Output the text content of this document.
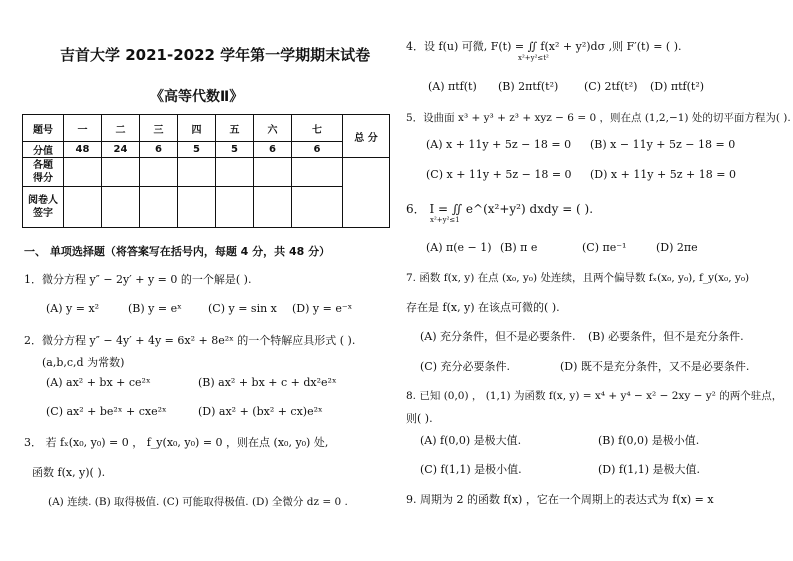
吉首大学 2021-2022 学年第一学期期末试卷
《高等代数Ⅱ》
题号	一	二	三	四	五	六	七	总 分
分值	48	24	6	5	5	6	6	
各题
得分								
阅卷人
签字								
一、 单项选择题（将答案写在括号内，每题 4 分，共 48 分）
1．微分方程 y″ − 2y′ + y = 0 的一个解是( ).
(A) y = x²	(B) y = eˣ (C) y = sin x (D) y = e⁻ˣ
2．微分方程 y″ − 4y′ + 4y = 6x² + 8e²ˣ 的一个特解应具形式 ( ).
(a,b,c,d 为常数)
(A) ax² + bx + ce²ˣ	(B) ax² + bx + c + dx²e²ˣ
(C) ax² + be²ˣ + cxe²ˣ	(D) ax² + (bx² + cx)e²ˣ
3． 若 fₓ(x₀, y₀) = 0 ， f_y(x₀, y₀) = 0 ，则在点 (x₀, y₀) 处,
函数 f(x, y)( ).
(A) 连续. (B) 取得极值. (C) 可能取得极值. (D) 全微分 dz = 0 .
4．设 f(u) 可微, F(t) = ∬ f(x² + y²)dσ ,则 F′(t) = ( ).
x²+y²≤t²
(A) πtf(t) (B) 2πtf(t²) (C) 2tf(t²) (D) πtf(t²)
5．设曲面 x³ + y³ + z³ + xyz − 6 = 0 ，则在点 (1,2,−1) 处的切平面方程为( ).
(A) x + 11y + 5z − 18 = 0 (B) x − 11y + 5z − 18 = 0
(C) x + 11y + 5z − 18 = 0 (D) x + 11y + 5z + 18 = 0
6． I = ∬ e^(x²+y²) dxdy = ( ).
x²+y²≤1
(A) π(e − 1) (B) π e	(C) πe⁻¹	(D) 2πe
7. 函数 f(x, y) 在点 (x₀, y₀) 处连续，且两个偏导数 fₓ(x₀, y₀), f_y(x₀, y₀)
存在是 f(x, y) 在该点可微的( ).
(A) 充分条件，但不是必要条件. (B) 必要条件，但不是充分条件.
(C) 充分必要条件.	(D) 既不是充分条件，又不是必要条件.
8. 已知 (0,0) ， (1,1) 为函数 f(x, y) = x⁴ + y⁴ − x² − 2xy − y² 的两个驻点，
则( ).
(A) f(0,0) 是极大值.	(B) f(0,0) 是极小值.
(C) f(1,1) 是极小值.	(D) f(1,1) 是极大值.
9. 周期为 2 的函数 f(x) ，它在一个周期上的表达式为 f(x) = x
